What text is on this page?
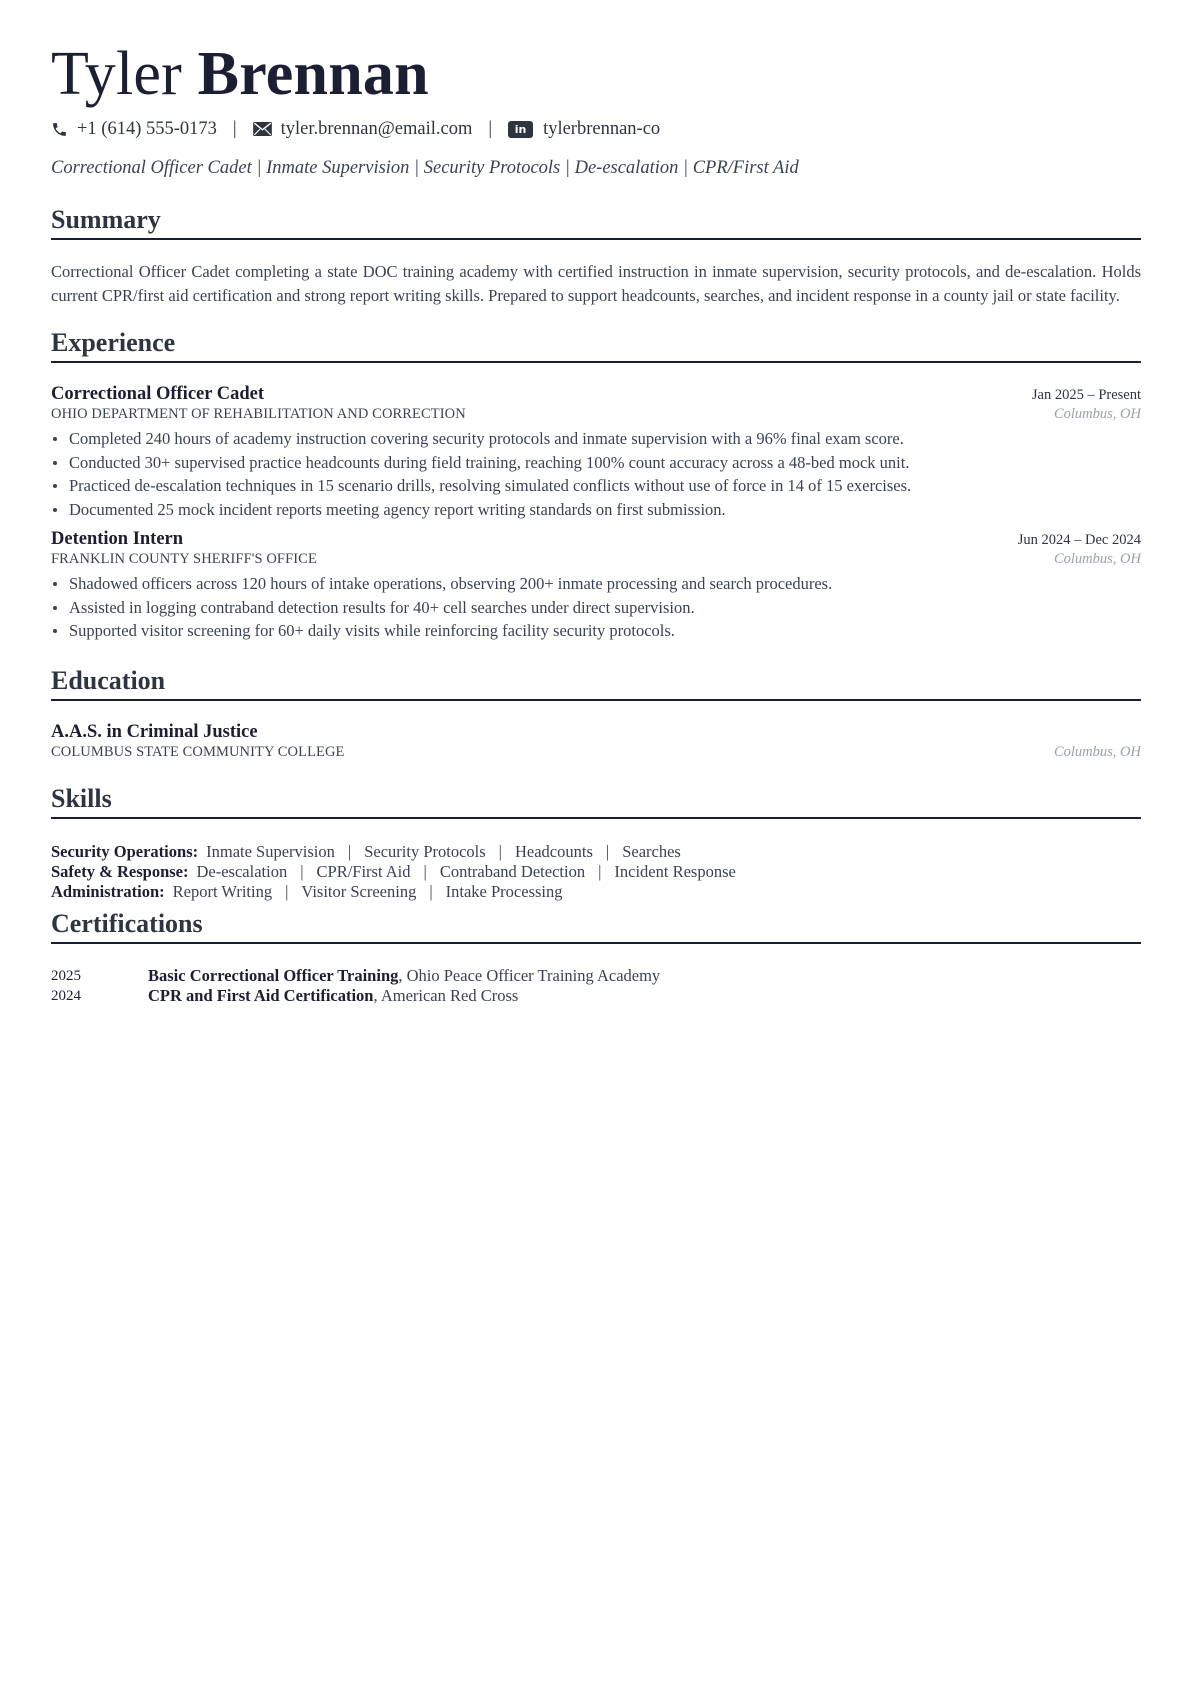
Tyler Brennan
+1 (614) 555-0173 | tyler.brennan@email.com |	in tylerbrennan-co
Correctional Officer Cadet | Inmate Supervision | Security Protocols | De-escalation | CPR/First Aid
Summary

Correctional Officer Cadet completing a state DOC training academy with certified instruction in inmate supervision, security protocols, and de-escalation. Holds current CPR/first aid certification and strong report writing skills. Prepared to support headcounts, searches, and incident response in a county jail or state facility.

Experience
Correctional Officer Cadet	Jan 2025 – Present
OHIO DEPARTMENT OF REHABILITATION AND CORRECTION	Columbus, OH
Completed 240 hours of academy instruction covering security protocols and inmate supervision with a 96% final exam score.
Conducted 30+ supervised practice headcounts during field training, reaching 100% count accuracy across a 48-bed mock unit.
Practiced de-escalation techniques in 15 scenario drills, resolving simulated conflicts without use of force in 14 of 15 exercises.
Documented 25 mock incident reports meeting agency report writing standards on first submission.
Detention Intern	Jun 2024 – Dec 2024
FRANKLIN COUNTY SHERIFF'S OFFICE	Columbus, OH
Shadowed officers across 120 hours of intake operations, observing 200+ inmate processing and search procedures.
Assisted in logging contraband detection results for 40+ cell searches under direct supervision.
Supported visitor screening for 60+ daily visits while reinforcing facility security protocols.
Education
A.A.S. in Criminal Justice
COLUMBUS STATE COMMUNITY COLLEGE	Columbus, OH
Skills
Security Operations: Inmate Supervision | Security Protocols | Headcounts | Searches
Safety & Response: De-escalation | CPR/First Aid | Contraband Detection | Incident Response
Administration: Report Writing | Visitor Screening | Intake Processing
Certifications
2025	Basic Correctional Officer Training, Ohio Peace Officer Training Academy
2024	CPR and First Aid Certification, American Red Cross
